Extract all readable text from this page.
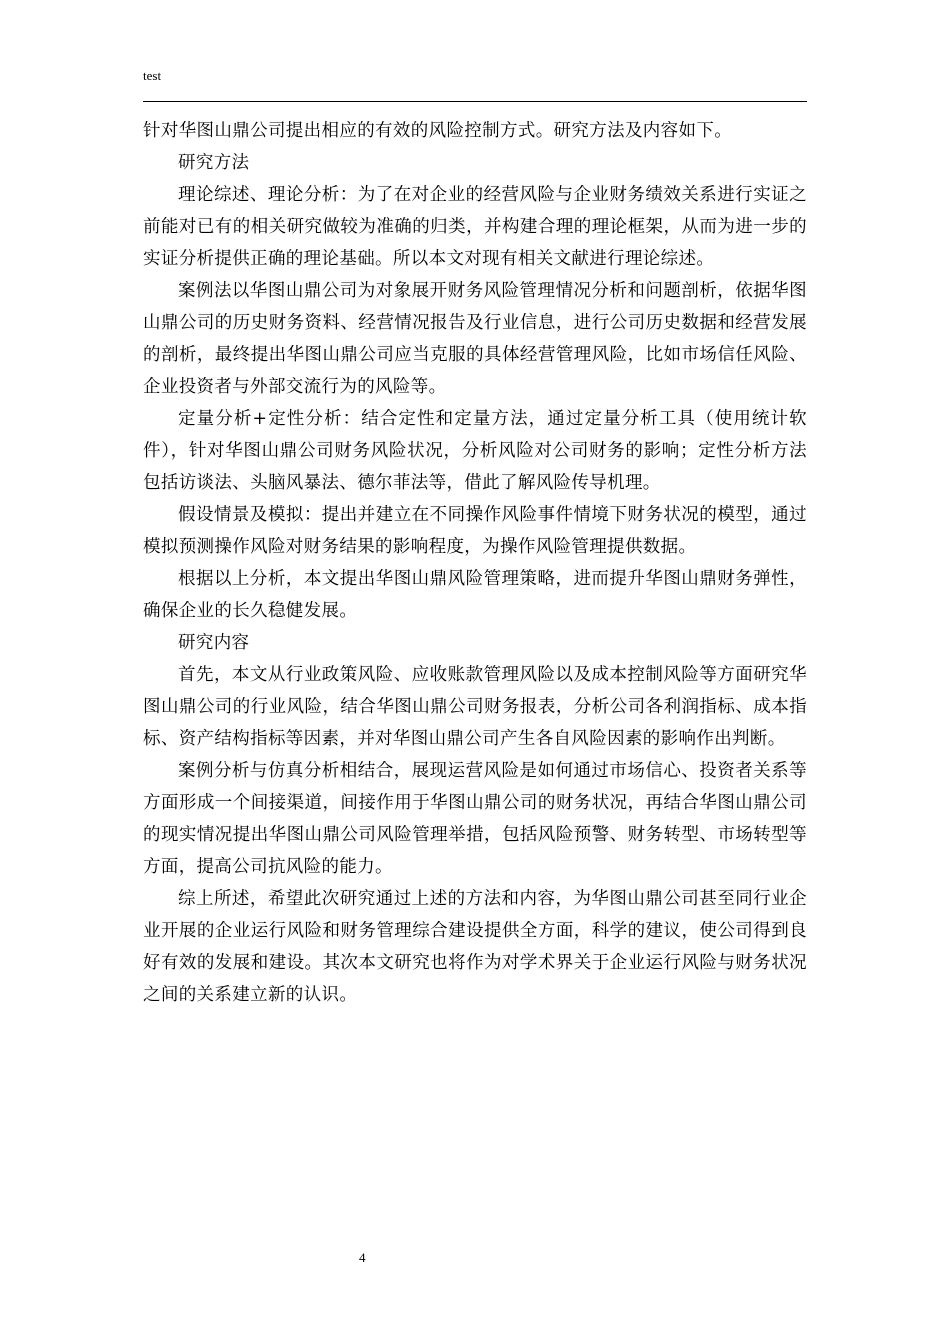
test

针对华图山鼎公司提出相应的有效的风险控制方式。研究方法及内容如下。

研究方法

理论综述、理论分析：为了在对企业的经营风险与企业财务绩效关系进行实证之前能对已有的相关研究做较为准确的归类，并构建合理的理论框架，从而为进一步的实证分析提供正确的理论基础。所以本文对现有相关文献进行理论综述。

案例法以华图山鼎公司为对象展开财务风险管理情况分析和问题剖析，依据华图山鼎公司的历史财务资料、经营情况报告及行业信息，进行公司历史数据和经营发展的剖析，最终提出华图山鼎公司应当克服的具体经营管理风险，比如市场信任风险、企业投资者与外部交流行为的风险等。

定量分析+定性分析：结合定性和定量方法，通过定量分析工具（使用统计软件），针对华图山鼎公司财务风险状况，分析风险对公司财务的影响；定性分析方法包括访谈法、头脑风暴法、德尔菲法等，借此了解风险传导机理。

假设情景及模拟：提出并建立在不同操作风险事件情境下财务状况的模型，通过模拟预测操作风险对财务结果的影响程度，为操作风险管理提供数据。

根据以上分析，本文提出华图山鼎风险管理策略，进而提升华图山鼎财务弹性，确保企业的长久稳健发展。

研究内容

首先，本文从行业政策风险、应收账款管理风险以及成本控制风险等方面研究华图山鼎公司的行业风险，结合华图山鼎公司财务报表，分析公司各利润指标、成本指标、资产结构指标等因素，并对华图山鼎公司产生各自风险因素的影响作出判断。

案例分析与仿真分析相结合，展现运营风险是如何通过市场信心、投资者关系等方面形成一个间接渠道，间接作用于华图山鼎公司的财务状况，再结合华图山鼎公司的现实情况提出华图山鼎公司风险管理举措，包括风险预警、财务转型、市场转型等方面，提高公司抗风险的能力。

综上所述，希望此次研究通过上述的方法和内容，为华图山鼎公司甚至同行业企业开展的企业运行风险和财务管理综合建设提供全方面，科学的建议，使公司得到良好有效的发展和建设。其次本文研究也将作为对学术界关于企业运行风险与财务状况之间的关系建立新的认识。

4
